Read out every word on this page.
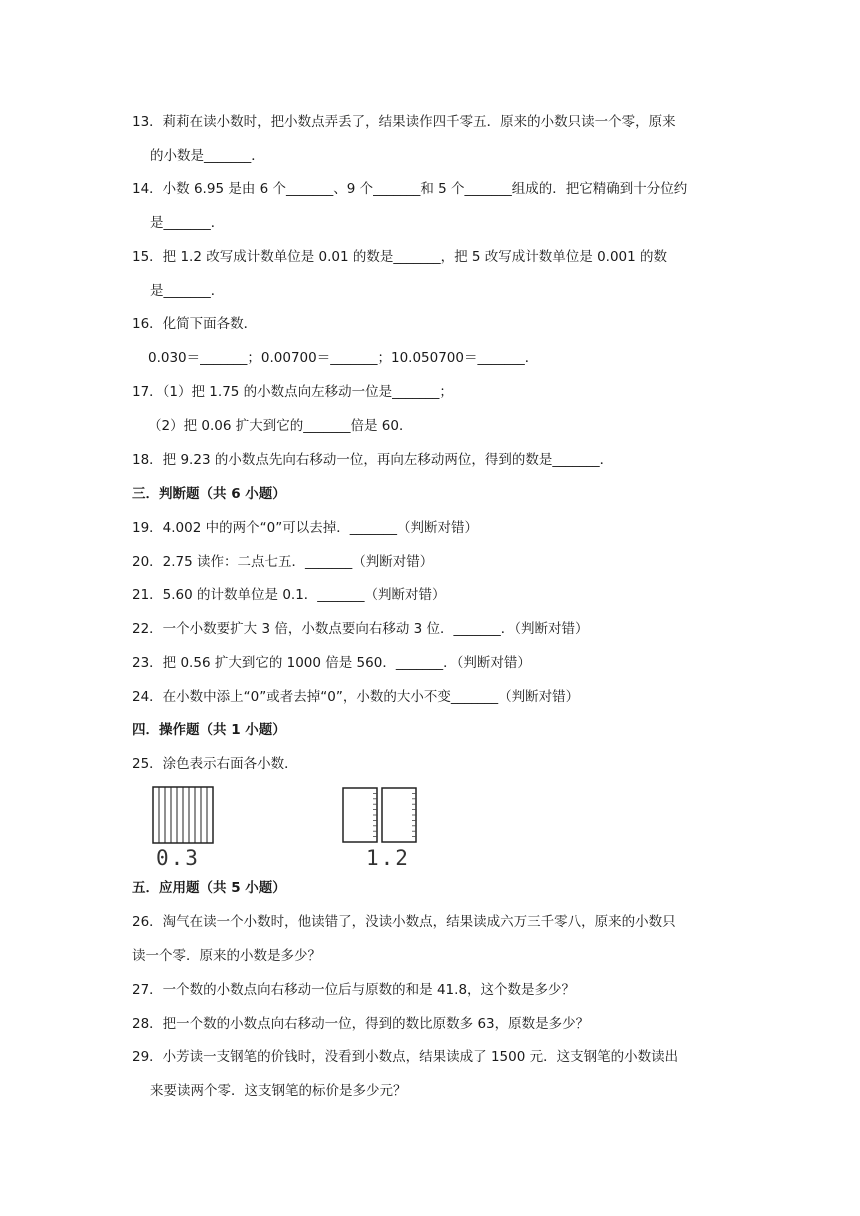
13．莉莉在读小数时，把小数点弄丢了，结果读作四千零五．原来的小数只读一个零，原来
的小数是_______．
14．小数 6.95 是由 6 个_______、9 个_______和 5 个_______组成的．把它精确到十分位约
是_______．
15．把 1.2 改写成计数单位是 0.01 的数是_______，把 5 改写成计数单位是 0.001 的数
是_______．
16．化简下面各数．
0.030＝_______；0.00700＝_______；10.050700＝_______．
17．（1）把 1.75 的小数点向左移动一位是_______；
（2）把 0.06 扩大到它的_______倍是 60．
18．把 9.23 的小数点先向右移动一位，再向左移动两位，得到的数是_______．
三．判断题（共 6 小题）
19．4.002 中的两个“0”可以去掉．_______（判断对错）
20．2.75 读作：二点七五．_______（判断对错）
21．5.60 的计数单位是 0.1．_______（判断对错）
22．一个小数要扩大 3 倍，小数点要向右移动 3 位．_______．（判断对错）
23．把 0.56 扩大到它的 1000 倍是 560．_______．（判断对错）
24．在小数中添上“0”或者去掉“0”，小数的大小不变_______（判断对错）
四．操作题（共 1 小题）
25．涂色表示右面各小数．
0.3	1.2
五．应用题（共 5 小题）
26．淘气在读一个小数时，他读错了，没读小数点，结果读成六万三千零八，原来的小数只
读一个零．原来的小数是多少？
27．一个数的小数点向右移动一位后与原数的和是 41.8，这个数是多少？
28．把一个数的小数点向右移动一位，得到的数比原数多 63，原数是多少？
29．小芳读一支钢笔的价钱时，没看到小数点，结果读成了 1500 元．这支钢笔的小数读出
来要读两个零．这支钢笔的标价是多少元？
